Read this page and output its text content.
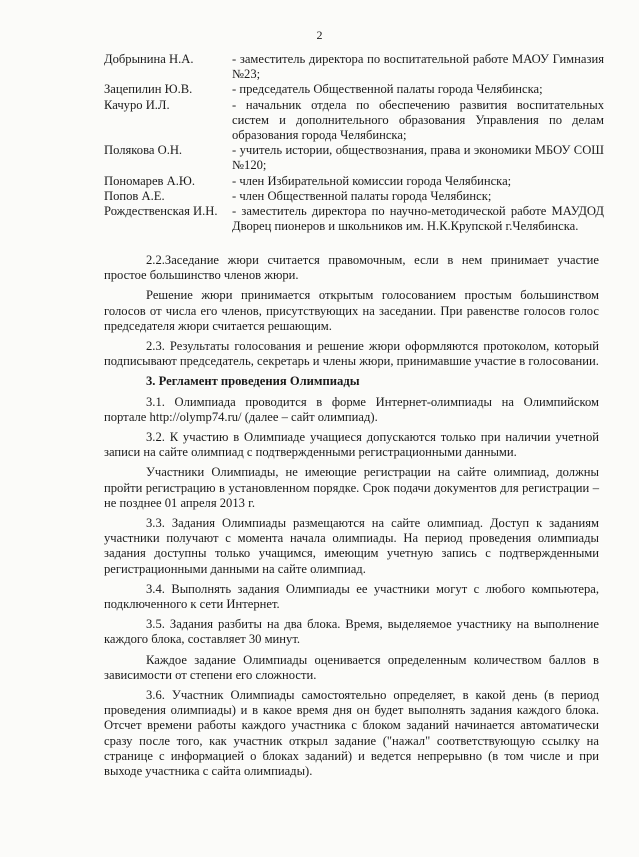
2
Добрынина Н.А.	- заместитель директора по воспитательной работе МАОУ Гимназия №23;
Зацепилин Ю.В.	- председатель Общественной палаты города Челябинска;
Качуро И.Л.	- начальник отдела по обеспечению развития воспитательных систем и дополнительного образования Управления по делам образования города Челябинска;
Полякова О.Н.	- учитель истории, обществознания, права и экономики МБОУ СОШ №120;
Пономарев А.Ю.	- член Избирательной комиссии города Челябинска;
Попов А.Е.	- член Общественной палаты города Челябинск;
Рождественская И.Н.	- заместитель директора по научно-методической работе МАУДОД Дворец пионеров и школьников им. Н.К.Крупской г.Челябинска.

2.2.Заседание жюри считается правомочным, если в нем принимает участие простое большинство членов жюри.

Решение жюри принимается открытым голосованием простым большинством голосов от числа его членов, присутствующих на заседании. При равенстве голосов голос председателя жюри считается решающим.

2.3. Результаты голосования и решение жюри оформляются протоколом, который подписывают председатель, секретарь и члены жюри, принимавшие участие в голосовании.

3. Регламент проведения Олимпиады

3.1. Олимпиада проводится в форме Интернет-олимпиады на Олимпийском портале http://olymp74.ru/ (далее – сайт олимпиад).

3.2. К участию в Олимпиаде учащиеся допускаются только при наличии учетной записи на сайте олимпиад с подтвержденными регистрационными данными.

Участники Олимпиады, не имеющие регистрации на сайте олимпиад, должны пройти регистрацию в установленном порядке. Срок подачи документов для регистрации – не позднее 01 апреля 2013 г.

3.3. Задания Олимпиады размещаются на сайте олимпиад. Доступ к заданиям участники получают с момента начала олимпиады. На период проведения олимпиады задания доступны только учащимся, имеющим учетную запись с подтвержденными регистрационными данными на сайте олимпиад.

3.4. Выполнять задания Олимпиады ее участники могут с любого компьютера, подключенного к сети Интернет.

3.5. Задания разбиты на два блока. Время, выделяемое участнику на выполнение каждого блока, составляет 30 минут.

Каждое задание Олимпиады оценивается определенным количеством баллов в зависимости от степени его сложности.

3.6. Участник Олимпиады самостоятельно определяет, в какой день (в период проведения олимпиады) и в какое время дня он будет выполнять задания каждого блока. Отсчет времени работы каждого участника с блоком заданий начинается автоматически сразу после того, как участник открыл задание ("нажал" соответствующую ссылку на странице с информацией о блоках заданий) и ведется непрерывно (в том числе и при выходе участника с сайта олимпиады).
